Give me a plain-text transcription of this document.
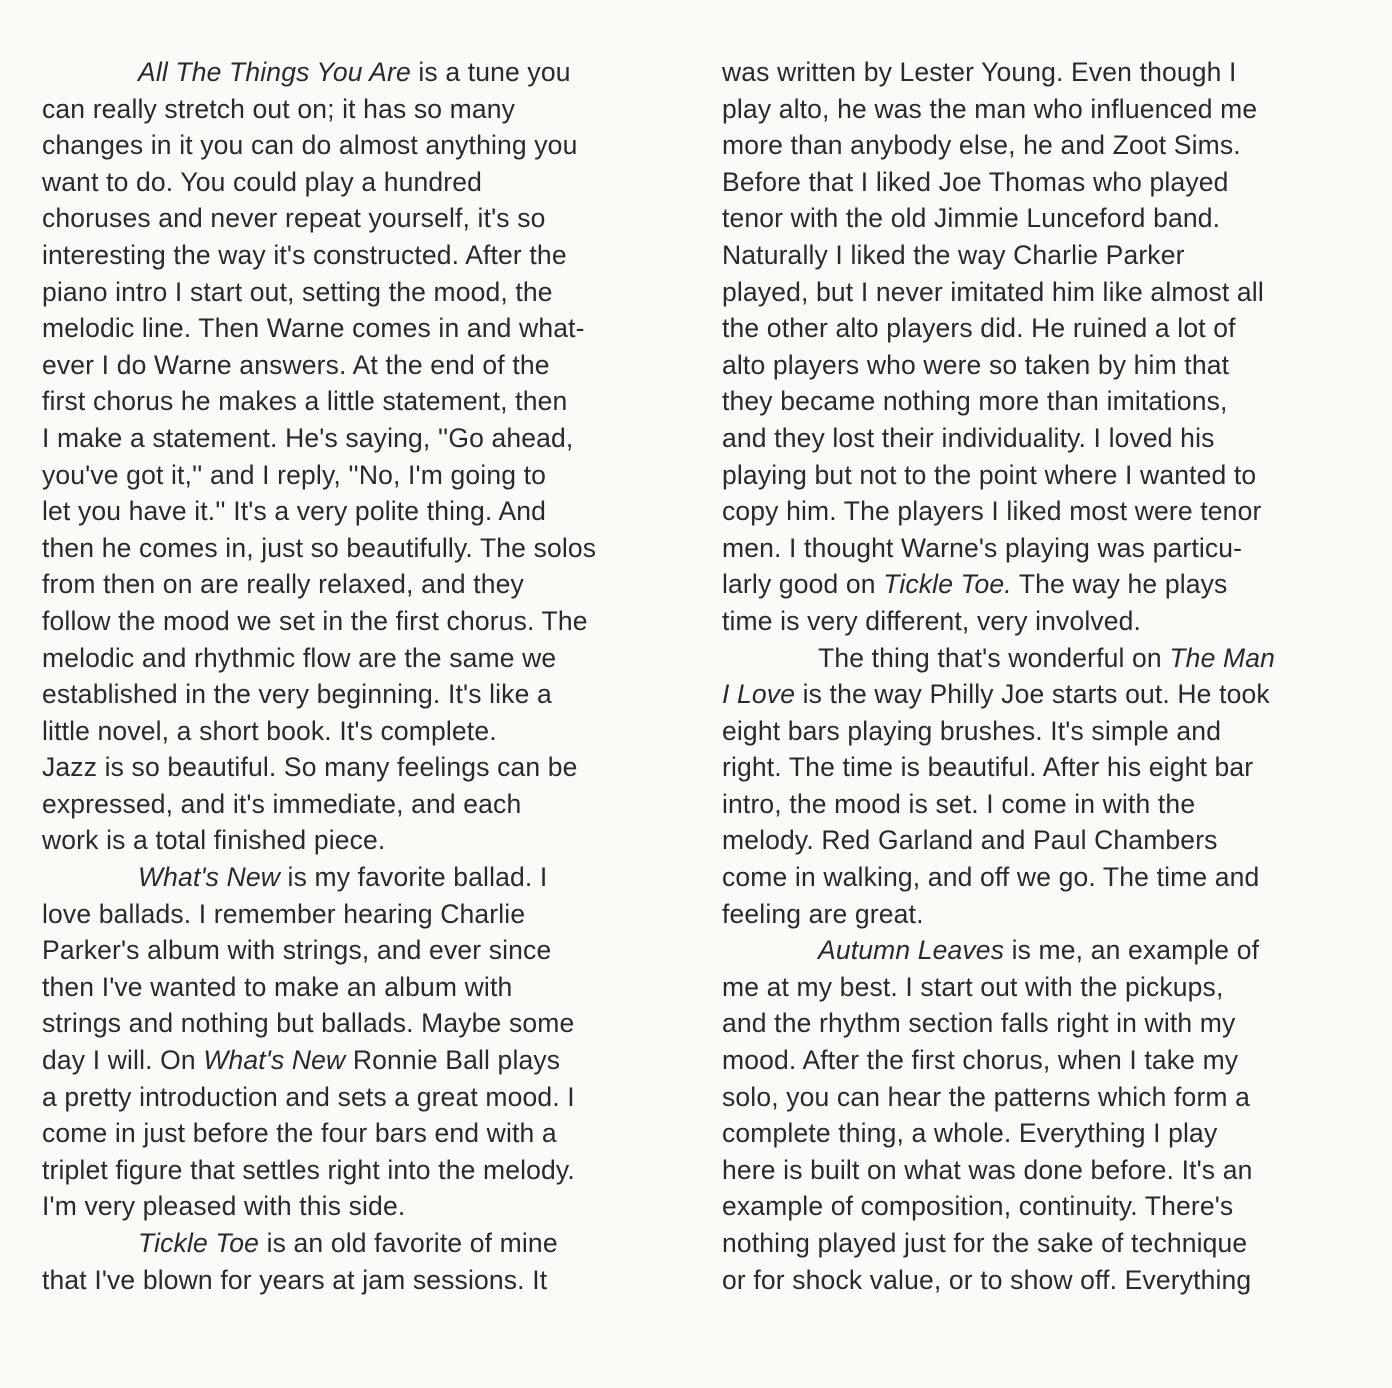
All The Things You Are is a tune you
can really stretch out on; it has so many
changes in it you can do almost anything you
want to do. You could play a hundred
choruses and never repeat yourself, it's so
interesting the way it's constructed. After the
piano intro I start out, setting the mood, the
melodic line. Then Warne comes in and what-
ever I do Warne answers. At the end of the
first chorus he makes a little statement, then
I make a statement. He's saying, ''Go ahead,
you've got it,'' and I reply, ''No, I'm going to
let you have it.'' It's a very polite thing. And
then he comes in, just so beautifully. The solos
from then on are really relaxed, and they
follow the mood we set in the first chorus. The
melodic and rhythmic flow are the same we
established in the very beginning. It's like a
little novel, a short book. It's complete.
Jazz is so beautiful. So many feelings can be
expressed, and it's immediate, and each
work is a total finished piece.
What's New is my favorite ballad. I
love ballads. I remember hearing Charlie
Parker's album with strings, and ever since
then I've wanted to make an album with
strings and nothing but ballads. Maybe some
day I will. On What's New Ronnie Ball plays
a pretty introduction and sets a great mood. I
come in just before the four bars end with a
triplet figure that settles right into the melody.
I'm very pleased with this side.
Tickle Toe is an old favorite of mine
that I've blown for years at jam sessions. It
was written by Lester Young. Even though I
play alto, he was the man who influenced me
more than anybody else, he and Zoot Sims.
Before that I liked Joe Thomas who played
tenor with the old Jimmie Lunceford band.
Naturally I liked the way Charlie Parker
played, but I never imitated him like almost all
the other alto players did. He ruined a lot of
alto players who were so taken by him that
they became nothing more than imitations,
and they lost their individuality. I loved his
playing but not to the point where I wanted to
copy him. The players I liked most were tenor
men. I thought Warne's playing was particu-
larly good on Tickle Toe. The way he plays
time is very different, very involved.
The thing that's wonderful on The Man
I Love is the way Philly Joe starts out. He took
eight bars playing brushes. It's simple and
right. The time is beautiful. After his eight bar
intro, the mood is set. I come in with the
melody. Red Garland and Paul Chambers
come in walking, and off we go. The time and
feeling are great.
Autumn Leaves is me, an example of
me at my best. I start out with the pickups,
and the rhythm section falls right in with my
mood. After the first chorus, when I take my
solo, you can hear the patterns which form a
complete thing, a whole. Everything I play
here is built on what was done before. It's an
example of composition, continuity. There's
nothing played just for the sake of technique
or for shock value, or to show off. Everything
